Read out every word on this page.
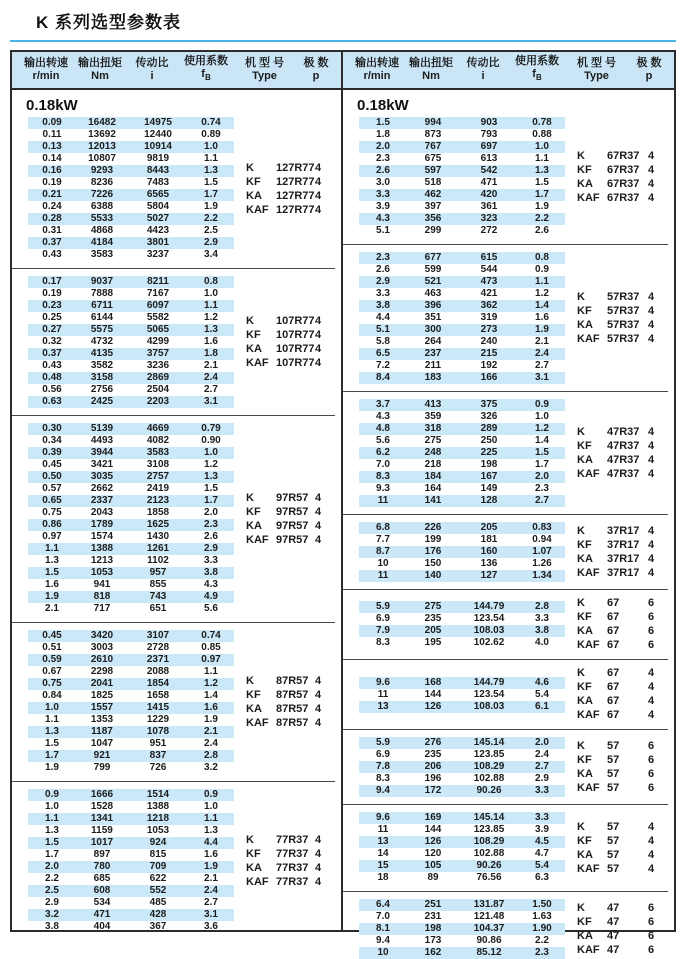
K 系列选型参数表
输出转速
r/min
输出扭矩
Nm
传动比
i
使用系数
$f_B$
机 型 号
Type
极 数
p
0.18kW
0.09	16482	14975	0.74
0.11	13692	12440	0.89
0.13	12013	10914	1.0
0.14	10807	9819	1.1
0.16	9293	8443	1.3
0.19	8236	7483	1.5
0.21	7226	6565	1.7
0.24	6388	5804	1.9
0.28	5533	5027	2.2
0.31	4868	4423	2.5
0.37	4184	3801	2.9
0.43	3583	3237	3.4
K	127R77 4
KF	127R77 4
KA	127R77 4
KAF 127R77 4
0.17	9037	8211	0.8
0.19	7888	7167	1.0
0.23	6711	6097	1.1
0.25	6144	5582	1.2
0.27	5575	5065	1.3
0.32	4732	4299	1.6
0.37	4135	3757	1.8
0.43	3582	3236	2.1
0.48	3158	2869	2.4
0.56	2756	2504	2.7
0.63	2425	2203	3.1
K	107R77 4
KF	107R77 4
KA	107R77 4
KAF 107R77 4
0.30	5139	4669	0.79
0.34	4493	4082	0.90
0.39	3944	3583	1.0
0.45	3421	3108	1.2
0.50	3035	2757	1.3
0.57	2662	2419	1.5
0.65	2337	2123	1.7
0.75	2043	1858	2.0
0.86	1789	1625	2.3
0.97	1574	1430	2.6
1.1	1388	1261	2.9
1.3	1213	1102	3.3
1.5	1053	957	3.8
1.6	941	855	4.3
1.9	818	743	4.9
2.1	717	651	5.6
K	97R57 4
KF	97R57 4
KA	97R57 4
KAF 97R57 4
0.45	3420	3107	0.74
0.51	3003	2728	0.85
0.59	2610	2371	0.97
0.67	2298	2088	1.1
0.75	2041	1854	1.2
0.84	1825	1658	1.4
1.0	1557	1415	1.6
1.1	1353	1229	1.9
1.3	1187	1078	2.1
1.5	1047	951	2.4
1.7	921	837	2.8
1.9	799	726	3.2
K	87R57 4
KF	87R57 4
KA	87R57 4
KAF 87R57 4
0.9	1666	1514	0.9
1.0	1528	1388	1.0
1.1	1341	1218	1.1
1.3	1159	1053	1.3
1.5	1017	924	4.4
1.7	897	815	1.6
2.0	780	709	1.9
2.2	685	622	2.1
2.5	608	552	2.4
2.9	534	485	2.7
3.2	471	428	3.1
3.8	404	367	3.6
K	77R37 4
KF	77R37 4
KA	77R37 4
KAF 77R37 4
输出转速
r/min
输出扭矩
Nm
传动比
i
使用系数
$f_B$
机 型 号
Type
极 数
p
0.18kW
1.5	994	903	0.78
1.8	873	793	0.88
2.0	767	697	1.0
2.3	675	613	1.1
2.6	597	542	1.3
3.0	518	471	1.5
3.3	462	420	1.7
3.9	397	361	1.9
4.3	356	323	2.2
5.1	299	272	2.6
K	67R37 4
KF	67R37 4
KA	67R37 4
KAF 67R37 4
2.3	677	615	0.8
2.6	599	544	0.9
2.9	521	473	1.1
3.3	463	421	1.2
3.8	396	362	1.4
4.4	351	319	1.6
5.1	300	273	1.9
5.8	264	240	2.1
6.5	237	215	2.4
7.2	211	192	2.7
8.4	183	166	3.1
K	57R37 4
KF	57R37 4
KA	57R37 4
KAF 57R37 4
3.7	413	375	0.9
4.3	359	326	1.0
4.8	318	289	1.2
5.6	275	250	1.4
6.2	248	225	1.5
7.0	218	198	1.7
8.3	184	167	2.0
9.3	164	149	2.3
11	141	128	2.7
K	47R37 4
KF	47R37 4
KA	47R37 4
KAF 47R37 4
6.8	226	205	0.83
7.7	199	181	0.94
8.7	176	160	1.07
10	150	136	1.26
11	140	127	1.34
K	37R17 4
KF	37R17 4
KA	37R17 4
KAF 37R17 4
5.9	275	144.79	2.8
6.9	235	123.54	3.3
7.9	205	108.03	3.8
8.3	195	102.62	4.0
K	67	6
KF	67	6
KA	67	6
KAF 67	6
9.6	168	144.79	4.6
11	144	123.54	5.4
13	126	108.03	6.1
K	67	4
KF	67	4
KA	67	4
KAF 67	4
5.9	276	145.14	2.0
6.9	235	123.85	2.4
7.8	206	108.29	2.7
8.3	196	102.88	2.9
9.4	172	90.26	3.3
K	57	6
KF	57	6
KA	57	6
KAF 57	6
9.6	169	145.14	3.3
11	144	123.85	3.9
13	126	108.29	4.5
14	120	102.88	4.7
15	105	90.26	5.4
18	89	76.56	6.3
K	57	4
KF	57	4
KA	57	4
KAF 57	4
6.4	251	131.87	1.50
7.0	231	121.48	1.63
8.1	198	104.37	1.90
9.4	173	90.86	2.2
10	162	85.12	2.3
K	47	6
KF	47	6
KA	47	6
KAF 47	6
